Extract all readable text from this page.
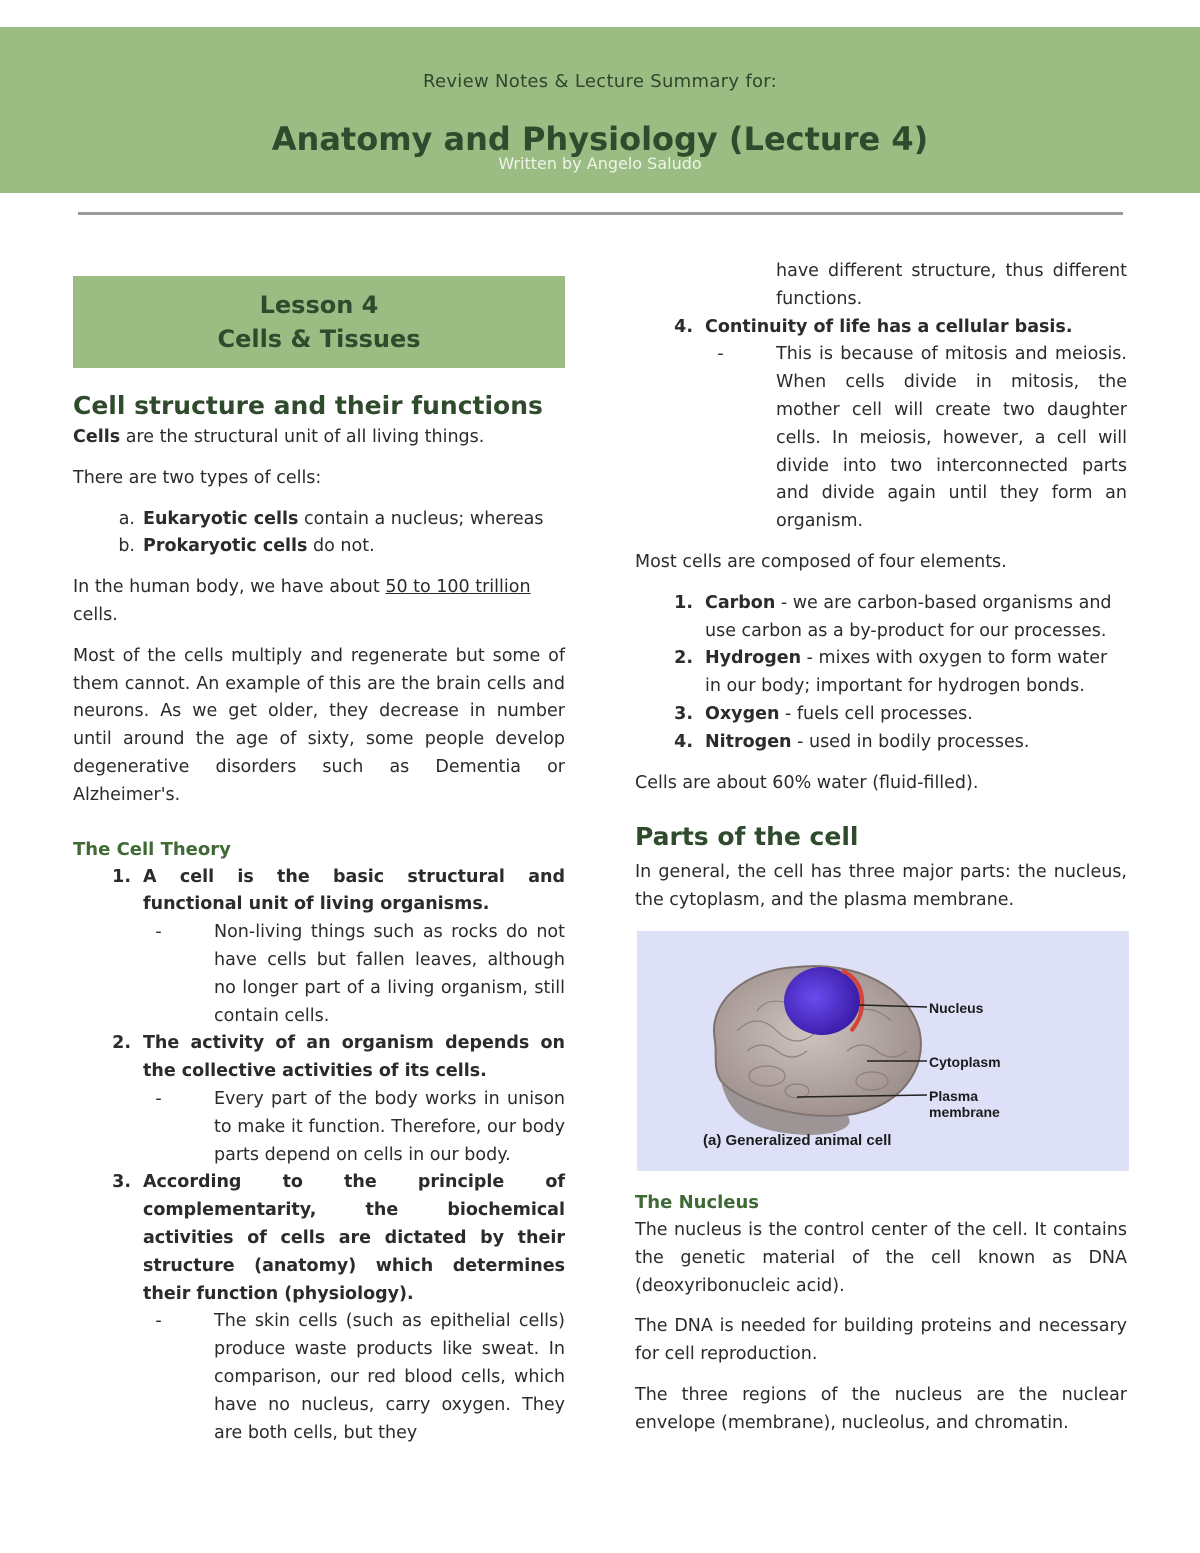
Review Notes & Lecture Summary for:
Anatomy and Physiology (Lecture 4)
Written by Angelo Saludo
Lesson 4
Cells & Tissues
Cell structure and their functions

Cells are the structural unit of all living things.

There are two types of cells:

a. Eukaryotic cells contain a nucleus; whereas
b. Prokaryotic cells do not.

In the human body, we have about 50 to 100 trillion cells.

Most of the cells multiply and regenerate but some of them cannot. An example of this are the brain cells and neurons. As we get older, they decrease in number until around the age of sixty, some people develop degenerative disorders such as Dementia or Alzheimer's.

The Cell Theory
1. A cell is the basic structural and functional unit of living organisms.
-	Non-living things such as rocks do not have cells but fallen leaves, although no longer part of a living organism, still contain cells.
2. The activity of an organism depends on the collective activities of its cells.
-	Every part of the body works in unison to make it function. Therefore, our body parts depend on cells in our body.
3. According to the principle of complementarity, the biochemical activities of cells are dictated by their structure (anatomy) which determines their function (physiology).
-	The skin cells (such as epithelial cells) produce waste products like sweat. In comparison, our red blood cells, which have no nucleus, carry oxygen. They are both cells, but they

have different structure, thus different functions.

4. Continuity of life has a cellular basis.
-	This is because of mitosis and meiosis. When cells divide in mitosis, the mother cell will create two daughter cells. In meiosis, however, a cell will divide into two interconnected parts and divide again until they form an organism.

Most cells are composed of four elements.

1. Carbon - we are carbon-based organisms and use carbon as a by-product for our processes.
2. Hydrogen - mixes with oxygen to form water in our body; important for hydrogen bonds.
3. Oxygen - fuels cell processes.
4. Nitrogen - used in bodily processes.

Cells are about 60% water (fluid-filled).

Parts of the cell

In general, the cell has three major parts: the nucleus, the cytoplasm, and the plasma membrane.

Nucleus
Cytoplasm
Plasma
membrane
(a) Generalized animal cell
The Nucleus

The nucleus is the control center of the cell. It contains the genetic material of the cell known as DNA (deoxyribonucleic acid).

The DNA is needed for building proteins and necessary for cell reproduction.

The three regions of the nucleus are the nuclear envelope (membrane), nucleolus, and chromatin.
